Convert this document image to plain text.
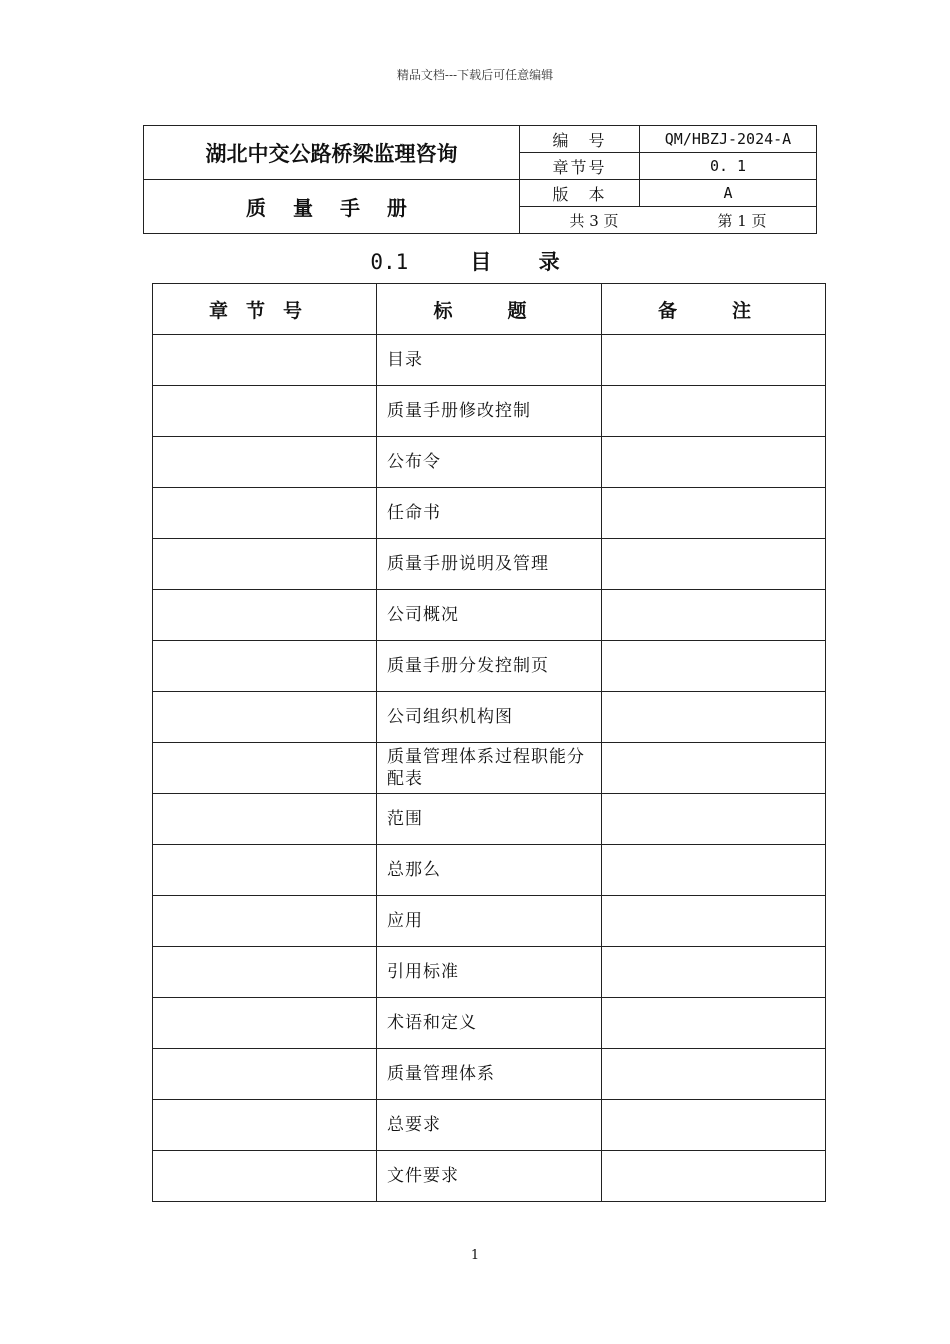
精品文档---下载后可任意编辑
湖北中交公路桥梁监理咨询	编　号	QM/HBZJ-2024-A
	章节号	0. 1
质 量 手 册	版　本	A

	共 3 页 第 1 页	
0.1	目 录
章节号	标　题	备　注
	目录	
	质量手册修改控制	
	公布令	
	任命书	
	质量手册说明及管理	
	公司概况	
	质量手册分发控制页	
	公司组织机构图	
	质量管理体系过程职能分配表	
	范围	
	总那么	
	应用	
	引用标准	
	术语和定义	
	质量管理体系	
	总要求	
	文件要求	
1
